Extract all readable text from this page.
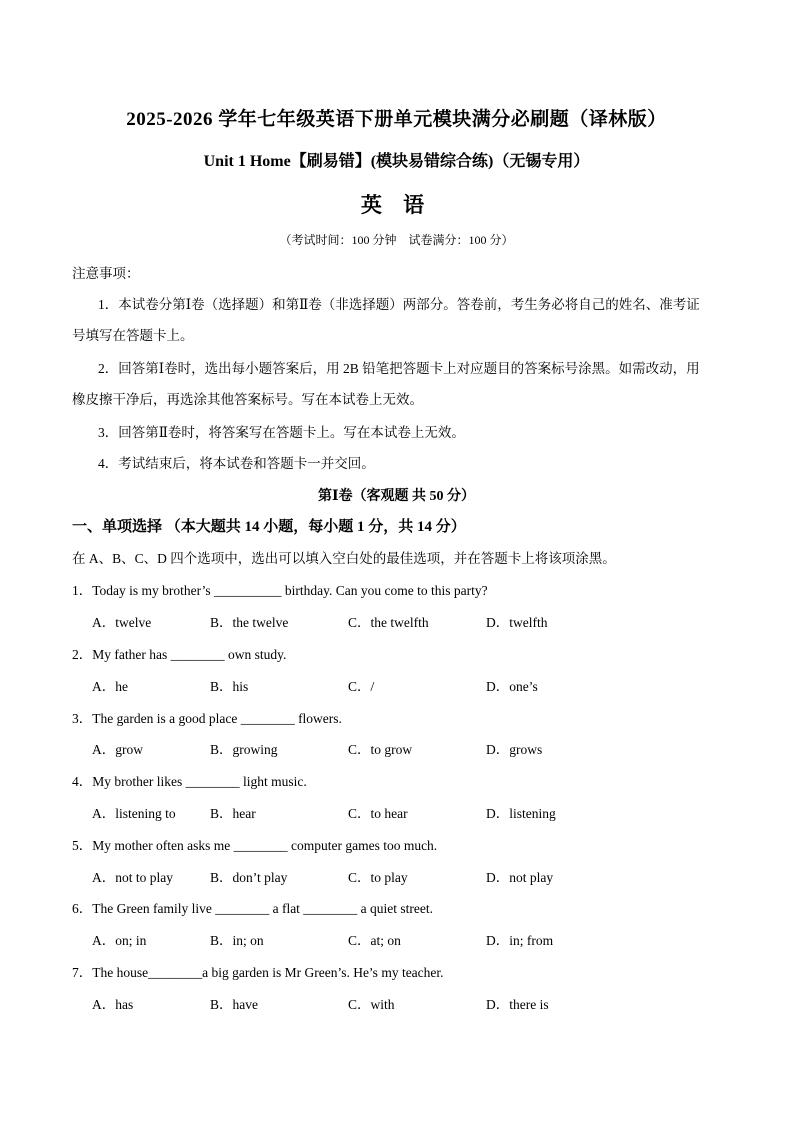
2025-2026 学年七年级英语下册单元模块满分必刷题（译林版）
Unit 1 Home【刷易错】(模块易错综合练)（无锡专用）
英 语
（考试时间：100 分钟 试卷满分：100 分）
注意事项：
1．本试卷分第Ⅰ卷（选择题）和第Ⅱ卷（非选择题）两部分。答卷前，考生务必将自己的姓名、准考证
号填写在答题卡上。
2．回答第Ⅰ卷时，选出每小题答案后，用 2B 铅笔把答题卡上对应题目的答案标号涂黑。如需改动，用
橡皮擦干净后，再选涂其他答案标号。写在本试卷上无效。
3．回答第Ⅱ卷时，将答案写在答题卡上。写在本试卷上无效。
4．考试结束后，将本试卷和答题卡一并交回。
第Ⅰ卷（客观题 共 50 分）
一、单项选择 （本大题共 14 小题，每小题 1 分，共 14 分）
在 A、B、C、D 四个选项中，选出可以填入空白处的最佳选项，并在答题卡上将该项涂黑。
1．Today is my brother’s __________ birthday. Can you come to this party?
A．twelve	B．the twelve	C．the twelfth	D．twelfth
2．My father has ________ own study.
A．he	B．his	C．/	D．one’s
3．The garden is a good place ________ flowers.
A．grow	B．growing	C．to grow	D．grows
4．My brother likes ________ light music.
A．listening to	B．hear	C．to hear	D．listening
5．My mother often asks me ________ computer games too much.
A．not to play	B．don’t play	C．to play	D．not play
6．The Green family live ________ a flat ________ a quiet street.
A．on; in	B．in; on	C．at; on	D．in; from
7．The house________a big garden is Mr Green’s. He’s my teacher.
A．has	B．have	C．with	D．there is
